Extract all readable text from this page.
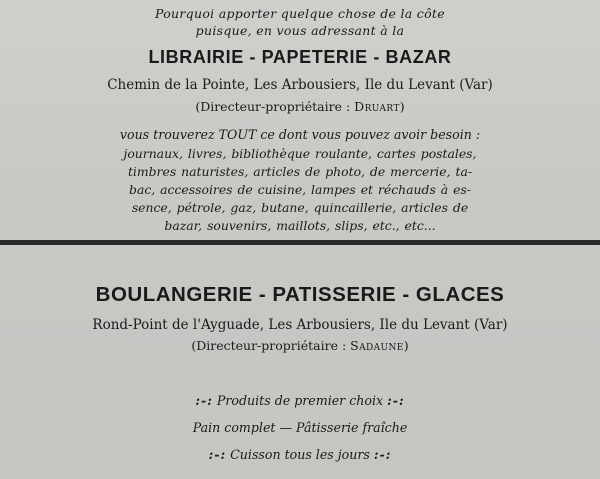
Pourquoi apporter quelque chose de la côte
puisque, en vous adressant à la
LIBRAIRIE - PAPETERIE - BAZAR
Chemin de la Pointe, Les Arbousiers, Ile du Levant (Var)
(Directeur-propriétaire : Druart)
vous trouverez TOUT ce dont vous pouvez avoir besoin :
journaux, livres, bibliothèque roulante, cartes postales,
timbres naturistes, articles de photo, de mercerie, ta-
bac, accessoires de cuisine, lampes et réchauds à es-
sence, pétrole, gaz, butane, quincaillerie, articles de
bazar, souvenirs, maillots, slips, etc., etc...
BOULANGERIE - PATISSERIE - GLACES
Rond-Point de l'Ayguade, Les Arbousiers, Ile du Levant (Var)
(Directeur-propriétaire : Sadaune)
:-: Produits de premier choix :-:
Pain complet — Pâtisserie fraîche
:-: Cuisson tous les jours :-:
